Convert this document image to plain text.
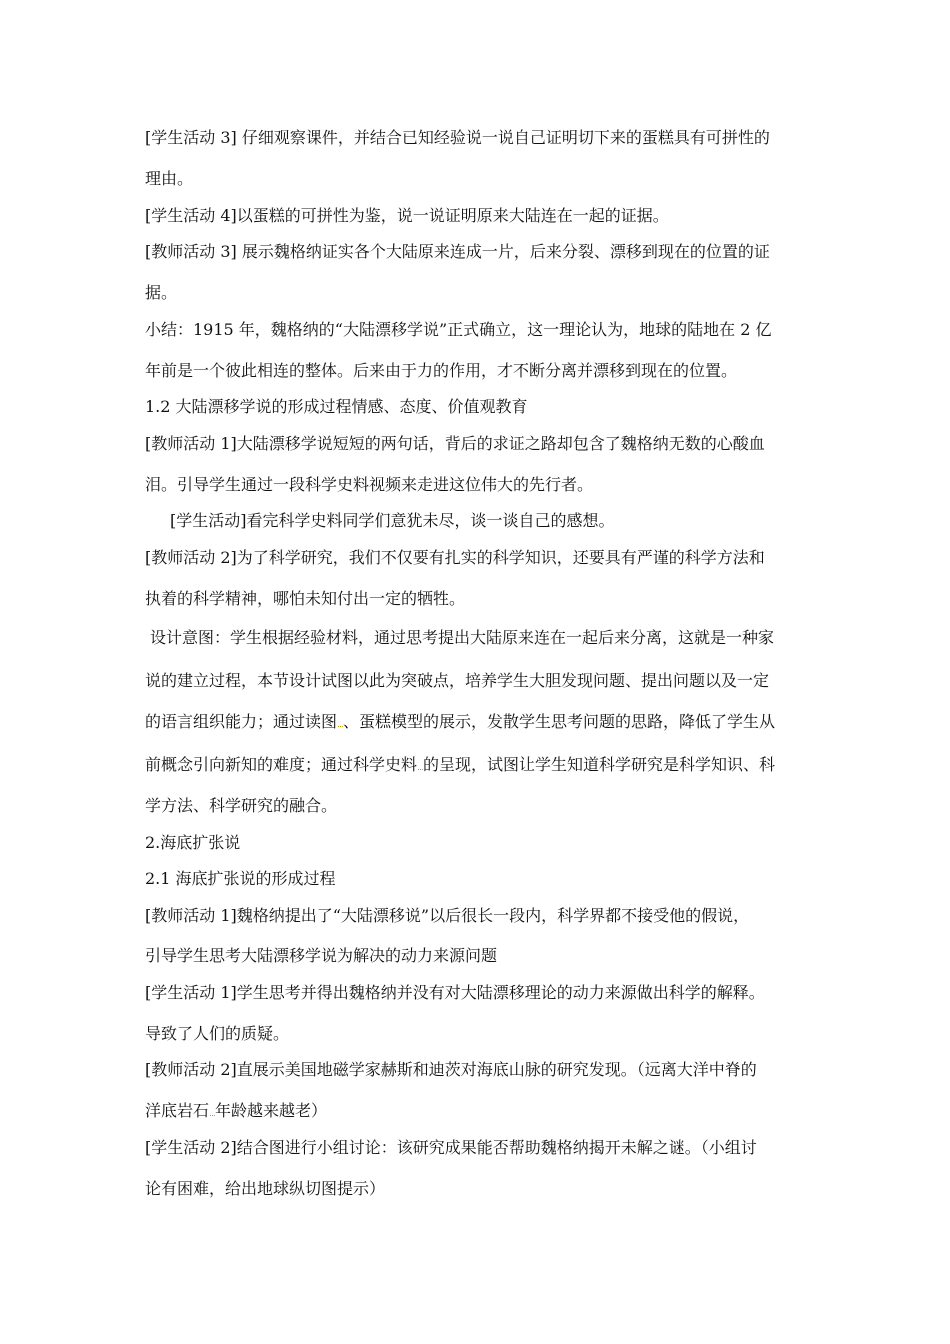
[学生活动 3] 仔细观察课件，并结合已知经验说一说自己证明切下来的蛋糕具有可拼性的
理由。
[学生活动 4]以蛋糕的可拼性为鉴，说一说证明原来大陆连在一起的证据。
[教师活动 3] 展示魏格纳证实各个大陆原来连成一片，后来分裂、漂移到现在的位置的证
据。
小结：1915 年，魏格纳的“大陆漂移学说”正式确立，这一理论认为，地球的陆地在 2 亿
年前是一个彼此相连的整体。后来由于力的作用，才不断分离并漂移到现在的位置。
1.2 大陆漂移学说的形成过程情感、态度、价值观教育
[教师活动 1]大陆漂移学说短短的两句话，背后的求证之路却包含了魏格纳无数的心酸血
泪。引导学生通过一段科学史料视频来走进这位伟大的先行者。
[学生活动]看完科学史料同学们意犹未尽，谈一谈自己的感想。
[教师活动 2]为了科学研究，我们不仅要有扎实的科学知识，还要具有严谨的科学方法和
执着的科学精神，哪怕未知付出一定的牺牲。
设计意图：学生根据经验材料，通过思考提出大陆原来连在一起后来分离，这就是一种家
说的建立过程，本节设计试图以此为突破点，培养学生大胆发现问题、提出问题以及一定
的语言组织能力；通过读图 、蛋糕模型的展示，发散学生思考问题的思路，降低了学生从
前概念引向新知的难度；通过科学史料 的呈现，试图让学生知道科学研究是科学知识、科
学方法、科学研究的融合。
2.海底扩张说
2.1 海底扩张说的形成过程
[教师活动 1]魏格纳提出了“大陆漂移说”以后很长一段内，科学界都不接受他的假说，
引导学生思考大陆漂移学说为解决的动力来源问题
[学生活动 1]学生思考并得出魏格纳并没有对大陆漂移理论的动力来源做出科学的解释。
导致了人们的质疑。
[教师活动 2]直展示美国地磁学家赫斯和迪茨对海底山脉的研究发现。（远离大洋中脊的
洋底岩石 年龄越来越老）
[学生活动 2]结合图进行小组讨论：该研究成果能否帮助魏格纳揭开未解之谜。（小组讨
论有困难，给出地球纵切图提示）
